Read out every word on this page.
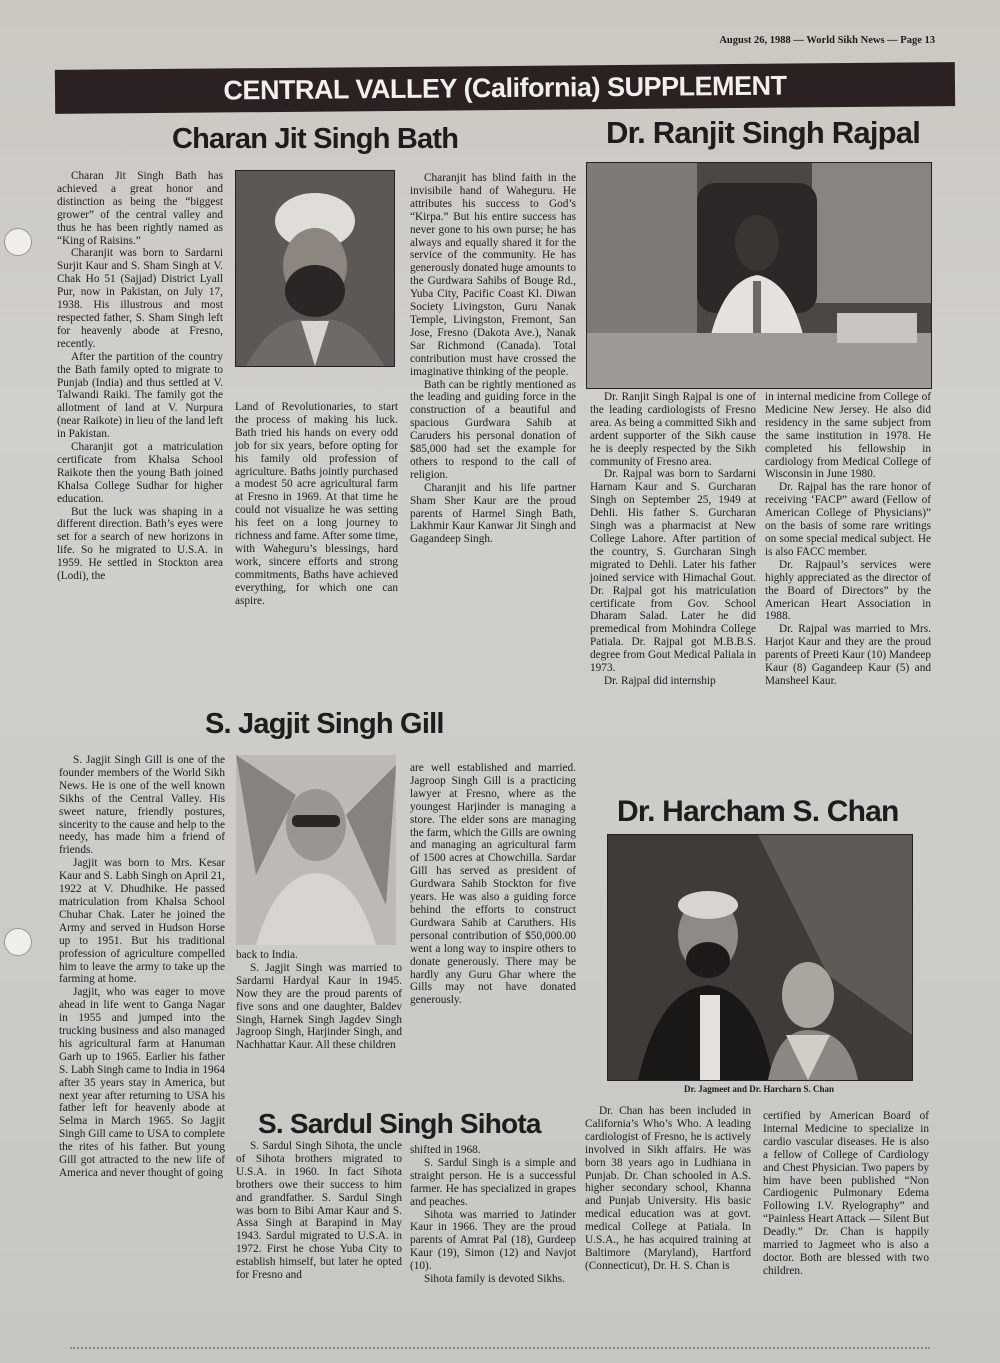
August 26, 1988 — World Sikh News — Page 13
CENTRAL VALLEY (California) SUPPLEMENT
Charan Jit Singh Bath

Charan Jit Singh Bath has achieved a great honor and distinction as being the “biggest grower” of the central valley and thus he has been rightly named as “King of Raisins.”

Charanjit was born to Sardarni Surjit Kaur and S. Sham Singh at V. Chak Ho 51 (Sajjad) District Lyall Pur, now in Pakistan, on July 17, 1938. His illustrous and most respected father, S. Sham Singh left for heavenly abode at Fresno, recently.

After the partition of the country the Bath family opted to migrate to Punjab (India) and thus settled at V. Talwandi Raiki. The family got the allotment of land at V. Nurpura (near Raikote) in lieu of the land left in Pakistan.

Charanjit got a matriculation certificate from Khalsa School Raikote then the young Bath joined Khalsa College Sudhar for higher education.

But the luck was shaping in a different direction. Bath’s eyes were set for a search of new horizons in life. So he migrated to U.S.A. in 1959. He settled in Stockton area (Lodi), the

Land of Revolutionaries, to start the process of making his luck. Bath tried his hands on every odd job for six years, before opting for his family old profession of agriculture. Baths jointly purchased a modest 50 acre agricultural farm at Fresno in 1969. At that time he could not visualize he was setting his feet on a long journey to richness and fame. After some time, with Waheguru’s blessings, hard work, sincere efforts and strong commitments, Baths have achieved everything, for which one can aspire.

Charanjit has blind faith in the invisibile hand of Waheguru. He attributes his success to God’s “Kirpa.” But his entire success has never gone to his own purse; he has always and equally shared it for the service of the community. He has generously donated huge amounts to the Gurdwara Sahibs of Bouge Rd., Yuba City, Pacific Coast Kl. Diwan Society Livingston, Guru Nanak Temple, Livingston, Fremont, San Jose, Fresno (Dakota Ave.), Nanak Sar Richmond (Canada). Total contribution must have crossed the imaginative thinking of the people.

Bath can be rightly mentioned as the leading and guiding force in the construction of a beautiful and spacious Gurdwara Sahib at Caruders his personal donation of $85,000 had set the example for others to respond to the call of religion.

Charanjit and his life partner Sham Sher Kaur are the proud parents of Harmel Singh Bath, Lakhmir Kaur Kanwar Jit Singh and Gagandeep Singh.

Dr. Ranjit Singh Rajpal

Dr. Ranjit Singh Rajpal is one of the leading cardiologists of Fresno area. As being a committed Sikh and ardent supporter of the Sikh cause he is deeply respected by the Sikh community of Fresno area.

Dr. Rajpal was born to Sardarni Harnam Kaur and S. Gurcharan Singh on September 25, 1949 at Dehli. His father S. Gurcharan Singh was a pharmacist at New College Lahore. After partition of the country, S. Gurcharan Singh migrated to Dehli. Later his father joined service with Himachal Gout. Dr. Rajpal got his matriculation certificate from Gov. School Dharam Salad. Later he did premedical from Mohindra College Patiala. Dr. Rajpal got M.B.B.S. degree from Gout Medical Paliala in 1973.

Dr. Rajpal did internship

in internal medicine from College of Medicine New Jersey. He also did residency in the same subject from the same institution in 1978. He completed his fellowship in cardiology from Medical College of Wisconsin in June 1980.

Dr. Rajpal has the rare honor of receiving ‘FACP” award (Fellow of American College of Physicians)” on the basis of some rare writings on some special medical subject. He is also FACC member.

Dr. Rajpaul’s services were highly appreciated as the director of the Board of Directors” by the American Heart Association in 1988.

Dr. Rajpal was married to Mrs. Harjot Kaur and they are the proud parents of Preeti Kaur (10) Mandeep Kaur (8) Gagandeep Kaur (5) and Mansheel Kaur.

S. Jagjit Singh Gill

S. Jagjit Singh Gill is one of the founder members of the World Sikh News. He is one of the well known Sikhs of the Central Valley. His sweet nature, friendly postures, sincerity to the cause and help to the needy, has made him a friend of friends.

Jagjit was born to Mrs. Kesar Kaur and S. Labh Singh on April 21, 1922 at V. Dhudhike. He passed matriculation from Khalsa School Chuhar Chak. Later he joined the Army and served in Hudson Horse up to 1951. But his traditional profession of agriculture compelled him to leave the army to take up the farming at home.

Jagjit, who was eager to move ahead in life went to Ganga Nagar in 1955 and jumped into the trucking business and also managed his agricultural farm at Hanuman Garh up to 1965. Earlier his father S. Labh Singh came to India in 1964 after 35 years stay in America, but next year after returning to USA his father left for heavenly abode at Selma in March 1965. So Jagjit Singh Gill came to USA to complete the rites of his father. But young Gill got attracted to the new life of America and never thought of going

back to India.

S. Jagjit Singh was married to Sardarni Hardyal Kaur in 1945. Now they are the proud parents of five sons and one daughter, Baldev Singh, Harnek Singh Jagdev Singh Jagroop Singh, Harjinder Singh, and Nachhattar Kaur. All these children

are well established and married. Jagroop Singh Gill is a practicing lawyer at Fresno, where as the youngest Harjinder is managing a store. The elder sons are managing the farm, which the Gills are owning and managing an agricultural farm of 1500 acres at Chowchilla. Sardar Gill has served as president of Gurdwara Sahib Stockton for five years. He was also a guiding force behind the efforts to construct Gurdwara Sahib at Caruthers. His personal contribution of $50,000.00 went a long way to inspire others to donate generously. There may be hardly any Guru Ghar where the Gills may not have donated generously.

S. Sardul Singh Sihota

S. Sardul Singh Sihota, the uncle of Sihota brothers migrated to U.S.A. in 1960. In fact Sihota brothers owe their success to him and grandfather. S. Sardul Singh was born to Bibi Amar Kaur and S. Assa Singh at Barapind in May 1943. Sardul migrated to U.S.A. in 1972. First he chose Yuba City to establish himself, but later he opted for Fresno and

shifted in 1968.

S. Sardul Singh is a simple and straight person. He is a successful farmer. He has specialized in grapes and peaches.

Sihota was married to Jatinder Kaur in 1966. They are the proud parents of Amrat Pal (18), Gurdeep Kaur (19), Simon (12) and Navjot (10).

Sihota family is devoted Sikhs.

Dr. Harcham S. Chan
Dr. Jagmeet and Dr. Harcharn S. Chan

Dr. Chan has been included in California’s Who’s Who. A leading cardiologist of Fresno, he is actively involved in Sikh affairs. He was born 38 years ago in Ludhiana in Punjab. Dr. Chan schooled in A.S. higher secondary school, Khanna and Punjab University. His basic medical education was at govt. medical College at Patiala. In U.S.A., he has acquired training at Baltimore (Maryland), Hartford (Connecticut), Dr. H. S. Chan is

certified by American Board of Internal Medicine to specialize in cardio vascular diseases. He is also a fellow of College of Cardiology and Chest Physician. Two papers by him have been published “Non Cardiogenic Pulmonary Edema Following I.V. Ryelography” and “Painless Heart Attack — Silent But Deadly.” Dr. Chan is happily married to Jagmeet who is also a doctor. Both are blessed with two children.
